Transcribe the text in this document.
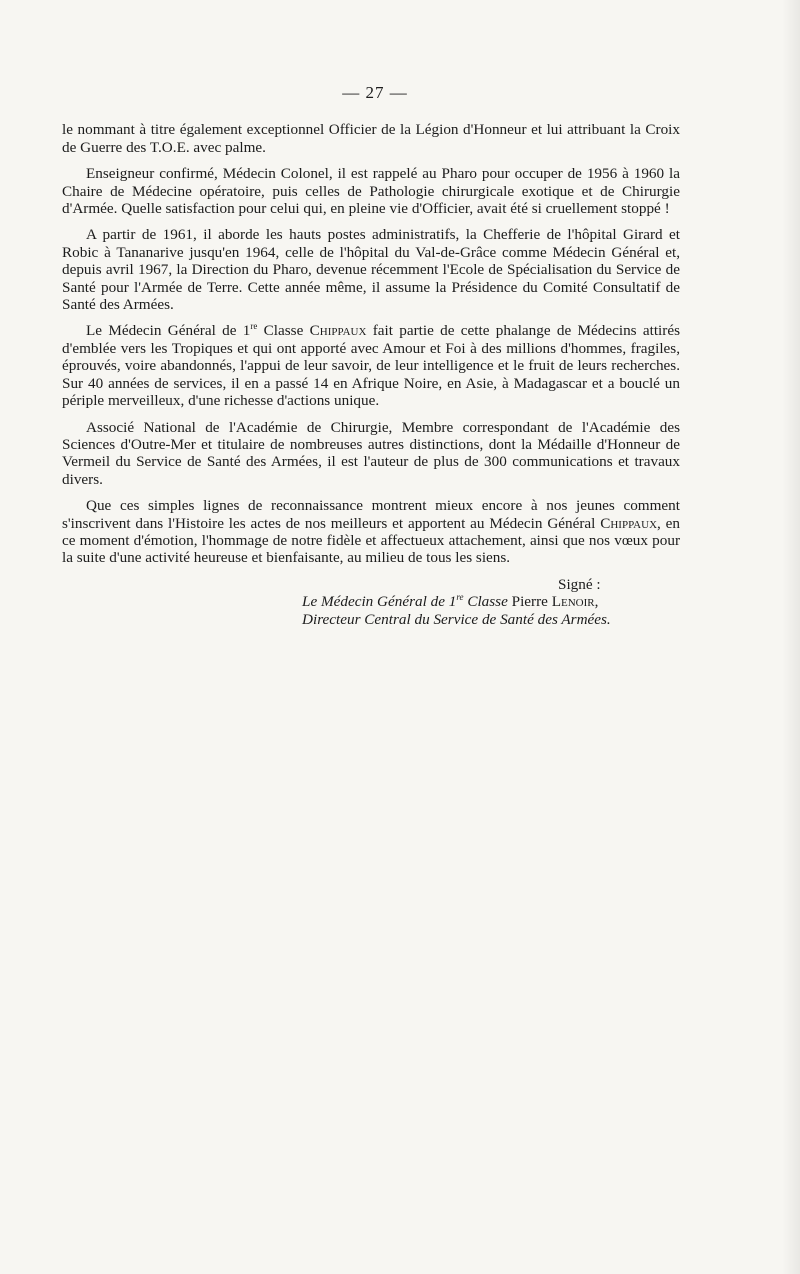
— 27 —

le nommant à titre également exceptionnel Officier de la Légion d'Honneur et lui attribuant la Croix de Guerre des T.O.E. avec palme.

Enseigneur confirmé, Médecin Colonel, il est rappelé au Pharo pour occuper de 1956 à 1960 la Chaire de Médecine opératoire, puis celles de Pathologie chirurgicale exotique et de Chirurgie d'Armée. Quelle satisfaction pour celui qui, en pleine vie d'Officier, avait été si cruellement stoppé !

A partir de 1961, il aborde les hauts postes administratifs, la Chefferie de l'hôpital Girard et Robic à Tananarive jusqu'en 1964, celle de l'hôpital du Val-de-Grâce comme Médecin Général et, depuis avril 1967, la Direction du Pharo, devenue récemment l'Ecole de Spécialisation du Service de Santé pour l'Armée de Terre. Cette année même, il assume la Présidence du Comité Consultatif de Santé des Armées.

Le Médecin Général de 1re Classe Chippaux fait partie de cette phalange de Médecins attirés d'emblée vers les Tropiques et qui ont apporté avec Amour et Foi à des millions d'hommes, fragiles, éprouvés, voire abandonnés, l'appui de leur savoir, de leur intelligence et le fruit de leurs recherches. Sur 40 années de services, il en a passé 14 en Afrique Noire, en Asie, à Madagascar et a bouclé un périple merveilleux, d'une richesse d'actions unique.

Associé National de l'Académie de Chirurgie, Membre correspondant de l'Académie des Sciences d'Outre-Mer et titulaire de nombreuses autres distinctions, dont la Médaille d'Honneur de Vermeil du Service de Santé des Armées, il est l'auteur de plus de 300 communications et travaux divers.

Que ces simples lignes de reconnaissance montrent mieux encore à nos jeunes comment s'inscrivent dans l'Histoire les actes de nos meilleurs et apportent au Médecin Général Chippaux, en ce moment d'émotion, l'hommage de notre fidèle et affectueux attachement, ainsi que nos vœux pour la suite d'une activité heureuse et bienfaisante, au milieu de tous les siens.

Signé :
Le Médecin Général de 1re Classe Pierre Lenoir,
Directeur Central du Service de Santé des Armées.
